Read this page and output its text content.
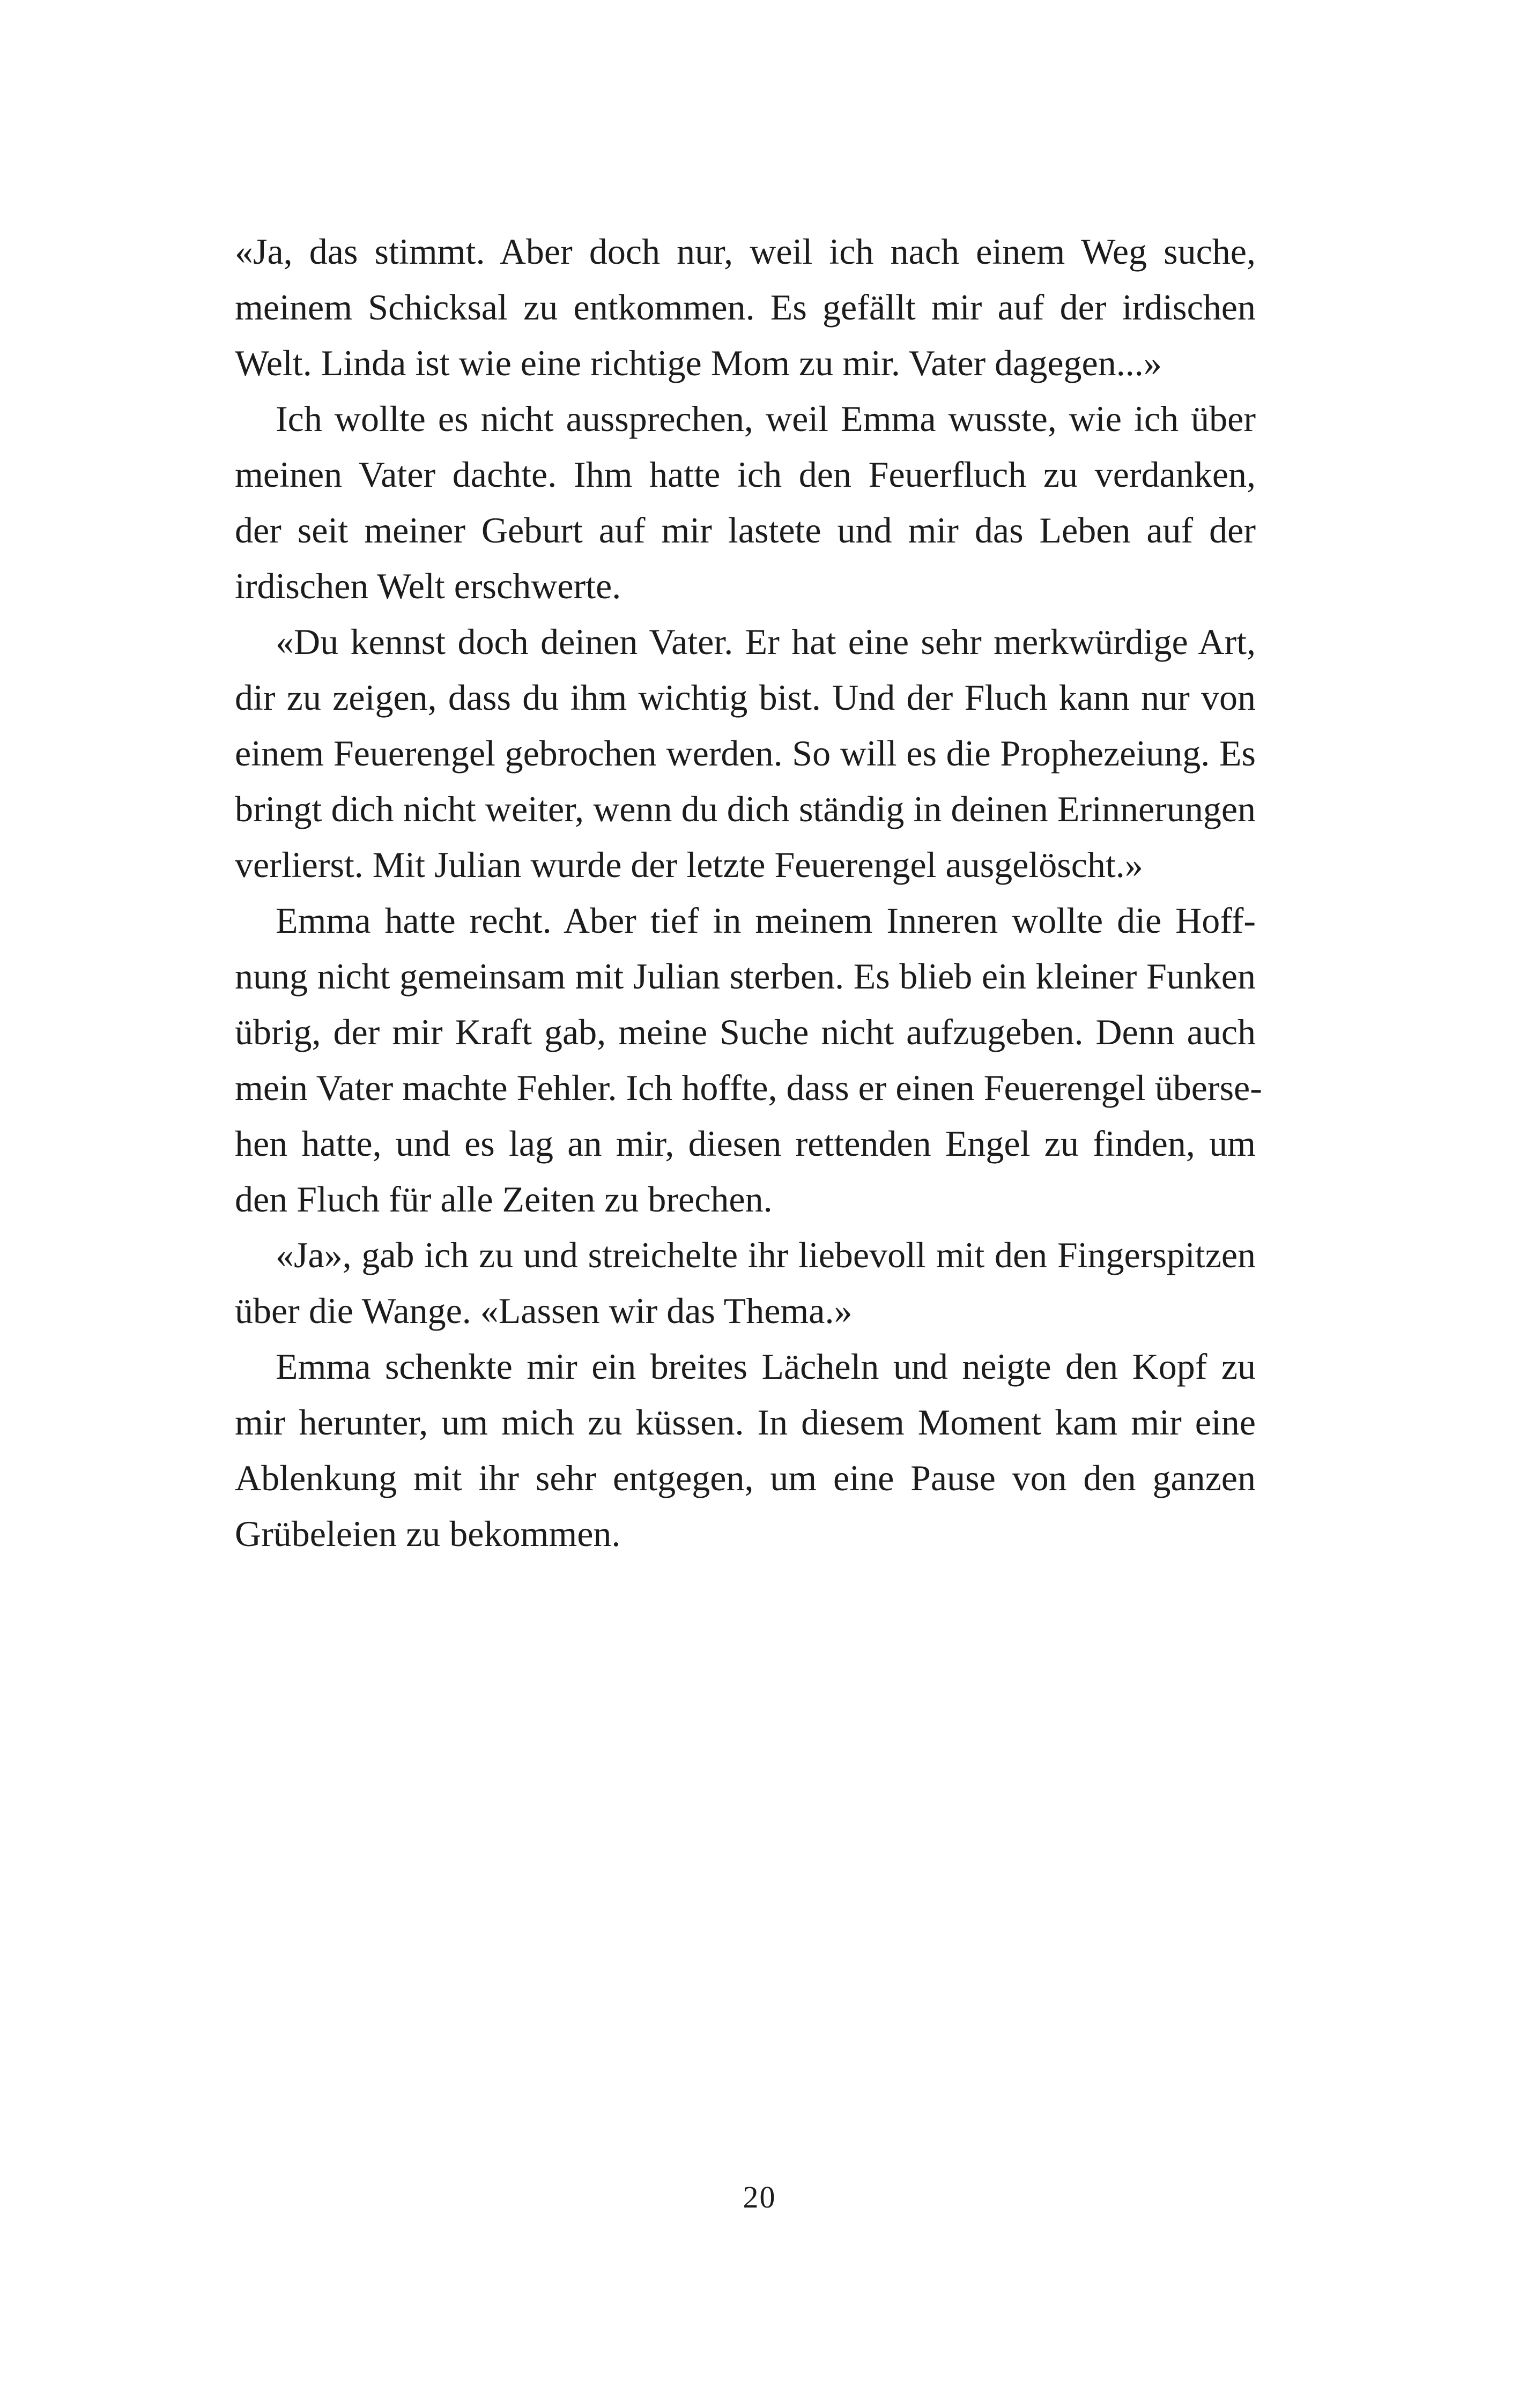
«Ja, das stimmt. Aber doch nur, weil ich nach einem Weg suche,
meinem Schicksal zu entkommen. Es gefällt mir auf der irdischen
Welt. Linda ist wie eine richtige Mom zu mir. Vater dagegen...»
Ich wollte es nicht aussprechen, weil Emma wusste, wie ich über
meinen Vater dachte. Ihm hatte ich den Feuerfluch zu verdanken,
der seit meiner Geburt auf mir lastete und mir das Leben auf der
irdischen Welt erschwerte.
«Du kennst doch deinen Vater. Er hat eine sehr merkwürdige Art,
dir zu zeigen, dass du ihm wichtig bist. Und der Fluch kann nur von
einem Feuerengel gebrochen werden. So will es die Prophezeiung. Es
bringt dich nicht weiter, wenn du dich ständig in deinen Erinnerungen
verlierst. Mit Julian wurde der letzte Feuerengel ausgelöscht.»
Emma hatte recht. Aber tief in meinem Inneren wollte die Hoff-
nung nicht gemeinsam mit Julian sterben. Es blieb ein kleiner Funken
übrig, der mir Kraft gab, meine Suche nicht aufzugeben. Denn auch
mein Vater machte Fehler. Ich hoffte, dass er einen Feuerengel überse-
hen hatte, und es lag an mir, diesen rettenden Engel zu finden, um
den Fluch für alle Zeiten zu brechen.
«Ja», gab ich zu und streichelte ihr liebevoll mit den Fingerspitzen
über die Wange. «Lassen wir das Thema.»
Emma schenkte mir ein breites Lächeln und neigte den Kopf zu
mir herunter, um mich zu küssen. In diesem Moment kam mir eine
Ablenkung mit ihr sehr entgegen, um eine Pause von den ganzen
Grübeleien zu bekommen.
20
